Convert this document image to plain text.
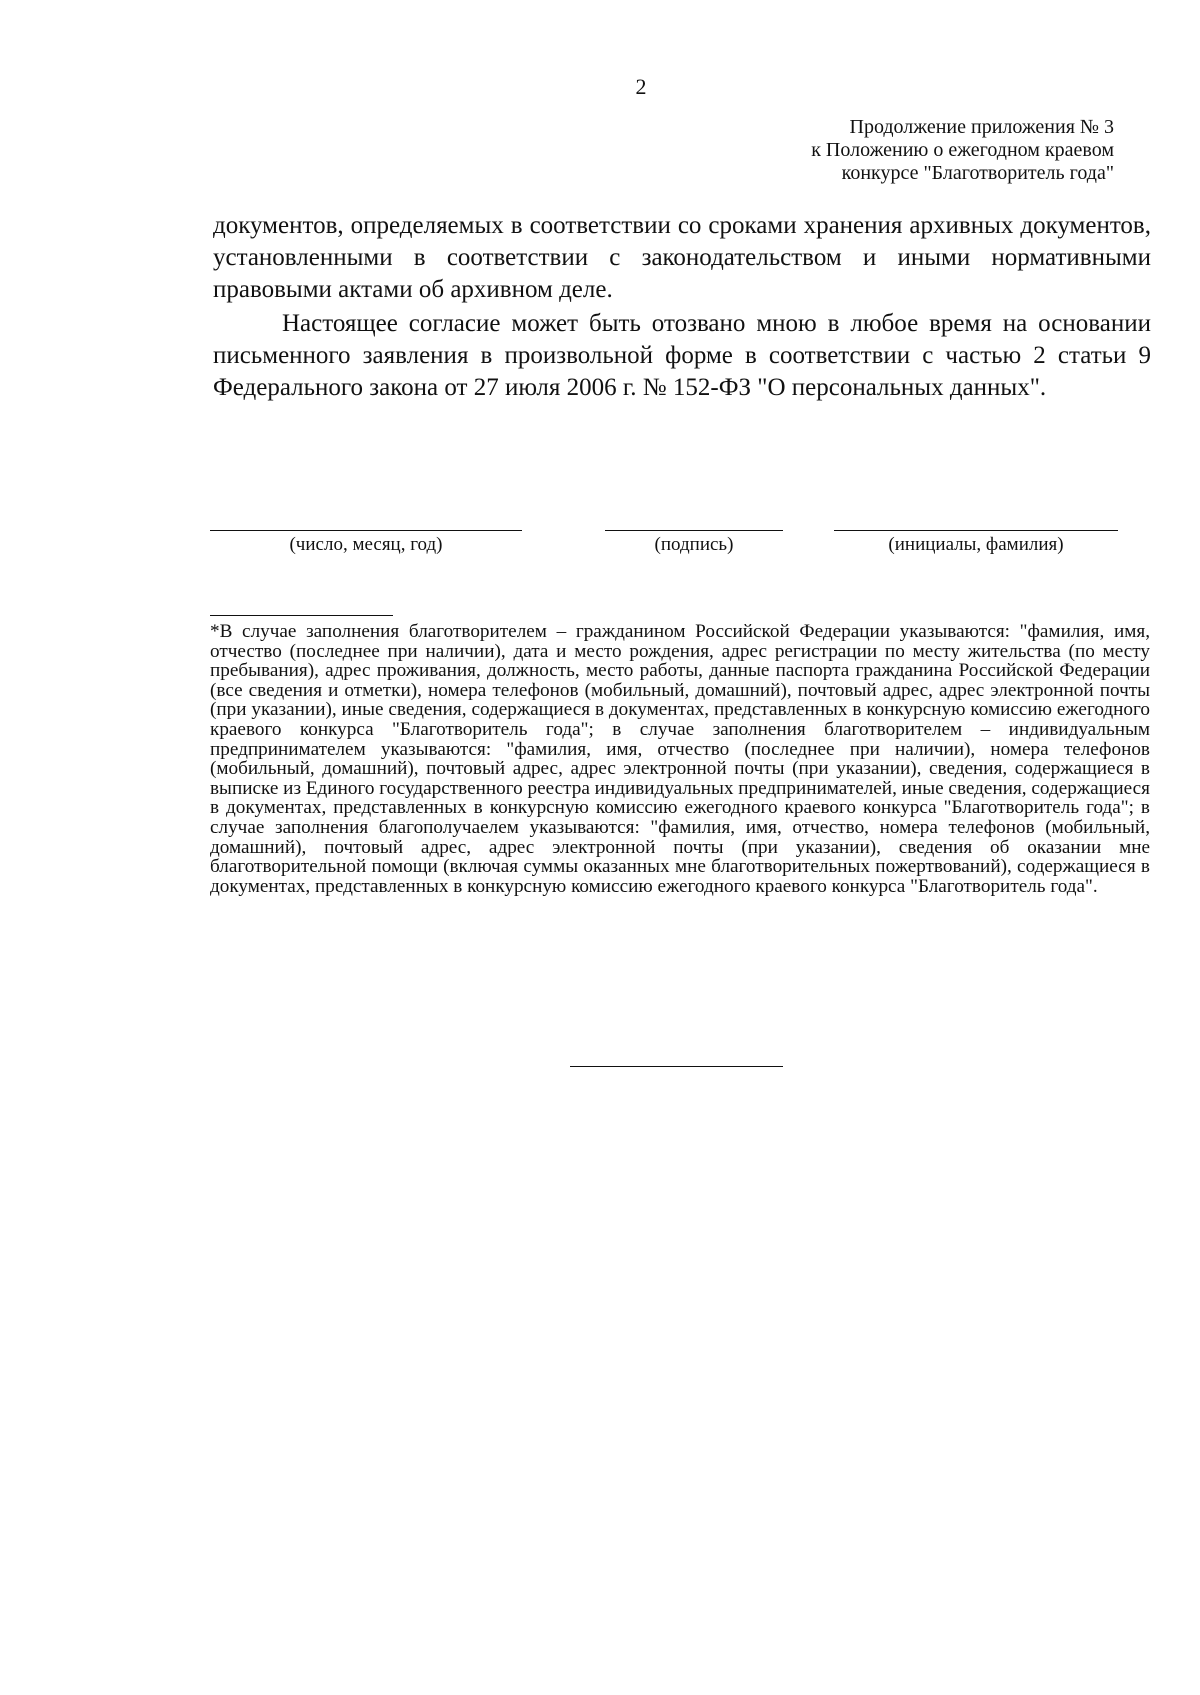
2
Продолжение приложения № 3
к Положению о ежегодном краевом
конкурсе "Благотворитель года"

документов, определяемых в соответствии со сроками хранения архивных документов, установленными в соответствии с законодательством и иными нормативными правовыми актами об архивном деле.

Настоящее согласие может быть отозвано мною в любое время на основании письменного заявления в произвольной форме в соответствии с частью 2 статьи 9 Федерального закона от 27 июля 2006 г. № 152-ФЗ "О персональных данных".

(число, месяц, год)	(подпись)	(инициалы, фамилия)

*В случае заполнения благотворителем – гражданином Российской Федерации указываются: "фамилия, имя, отчество (последнее при наличии), дата и место рождения, адрес регистрации по месту жительства (по месту пребывания), адрес проживания, должность, место работы, данные паспорта гражданина Российской Федерации (все сведения и отметки), номера телефонов (мобильный, домашний), почтовый адрес, адрес электронной почты (при указании), иные сведения, содержащиеся в документах, представленных в конкурсную комиссию ежегодного краевого конкурса "Благотворитель года"; в случае заполнения благотворителем – индивидуальным предпринимателем указываются: "фамилия, имя, отчество (последнее при наличии), номера телефонов (мобильный, домашний), почтовый адрес, адрес электронной почты (при указании), сведения, содержащиеся в выписке из Единого государственного реестра индивидуальных предпринимателей, иные сведения, содержащиеся в документах, представленных в конкурсную комиссию ежегодного краевого конкурса "Благотворитель года"; в случае заполнения благополучаелем указываются: "фамилия, имя, отчество, номера телефонов (мобильный, домашний), почтовый адрес, адрес электронной почты (при указании), сведения об оказании мне благотворительной помощи (включая суммы оказанных мне благотворительных пожертвований), содержащиеся в документах, представленных в конкурсную комиссию ежегодного краевого конкурса "Благотворитель года".
